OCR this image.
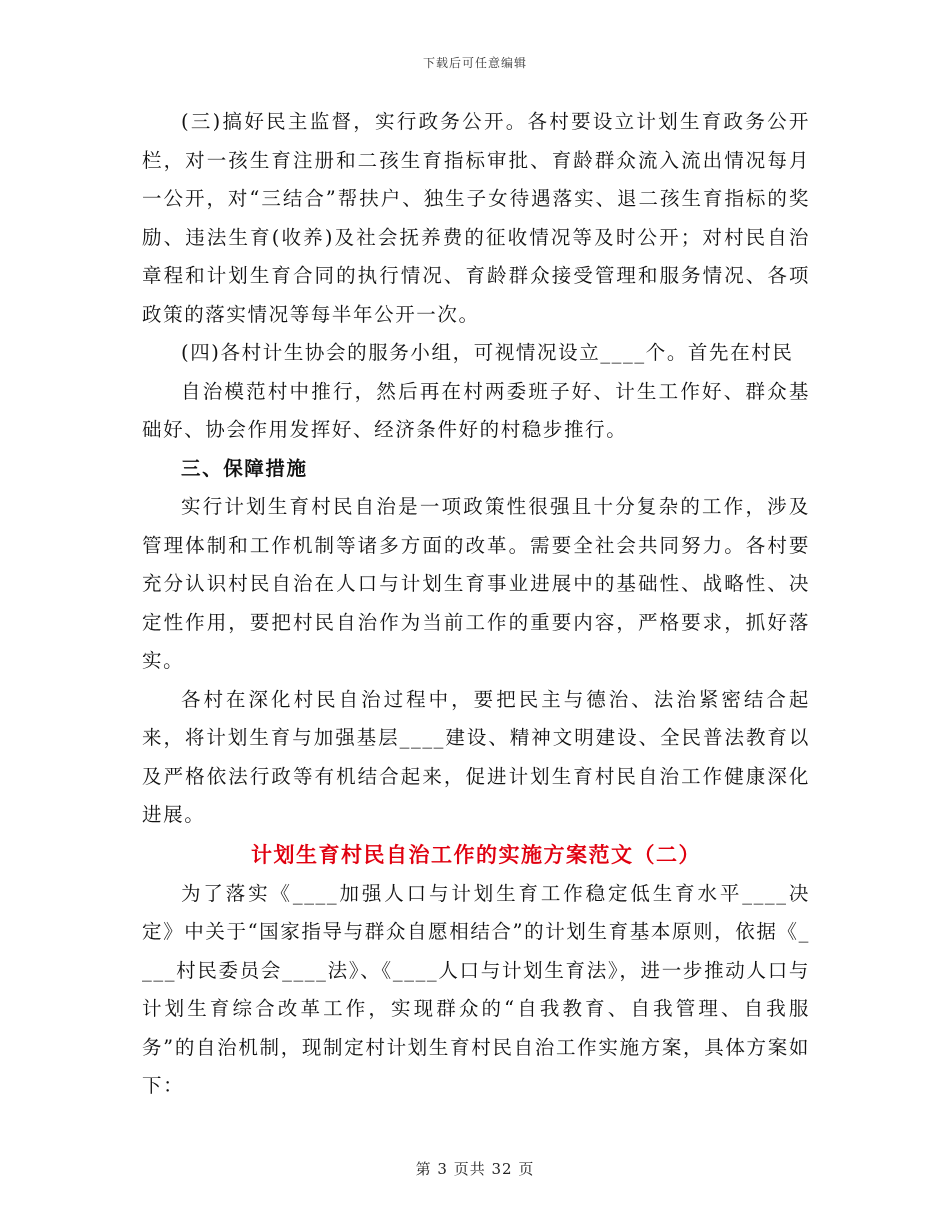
下载后可任意编辑

(三)搞好民主监督，实行政务公开。各村要设立计划生育政务公开栏，对一孩生育注册和二孩生育指标审批、育龄群众流入流出情况每月一公开，对“三结合”帮扶户、独生子女待遇落实、退二孩生育指标的奖励、违法生育(收养)及社会抚养费的征收情况等及时公开；对村民自治章程和计划生育合同的执行情况、育龄群众接受管理和服务情况、各项政策的落实情况等每半年公开一次。

(四)各村计生协会的服务小组，可视情况设立____个。首先在村民

自治模范村中推行，然后再在村两委班子好、计生工作好、群众基础好、协会作用发挥好、经济条件好的村稳步推行。

三、保障措施

实行计划生育村民自治是一项政策性很强且十分复杂的工作，涉及管理体制和工作机制等诸多方面的改革。需要全社会共同努力。各村要充分认识村民自治在人口与计划生育事业进展中的基础性、战略性、决定性作用，要把村民自治作为当前工作的重要内容，严格要求，抓好落实。

各村在深化村民自治过程中，要把民主与德治、法治紧密结合起来，将计划生育与加强基层____建设、精神文明建设、全民普法教育以及严格依法行政等有机结合起来，促进计划生育村民自治工作健康深化进展。

计划生育村民自治工作的实施方案范文（二）

为了落实《____加强人口与计划生育工作稳定低生育水平____决定》中关于“国家指导与群众自愿相结合”的计划生育基本原则，依据《____村民委员会____法》、《____人口与计划生育法》，进一步推动人口与计划生育综合改革工作，实现群众的“自我教育、自我管理、自我服务”的自治机制，现制定村计划生育村民自治工作实施方案，具体方案如下：

第 3 页共 32 页
